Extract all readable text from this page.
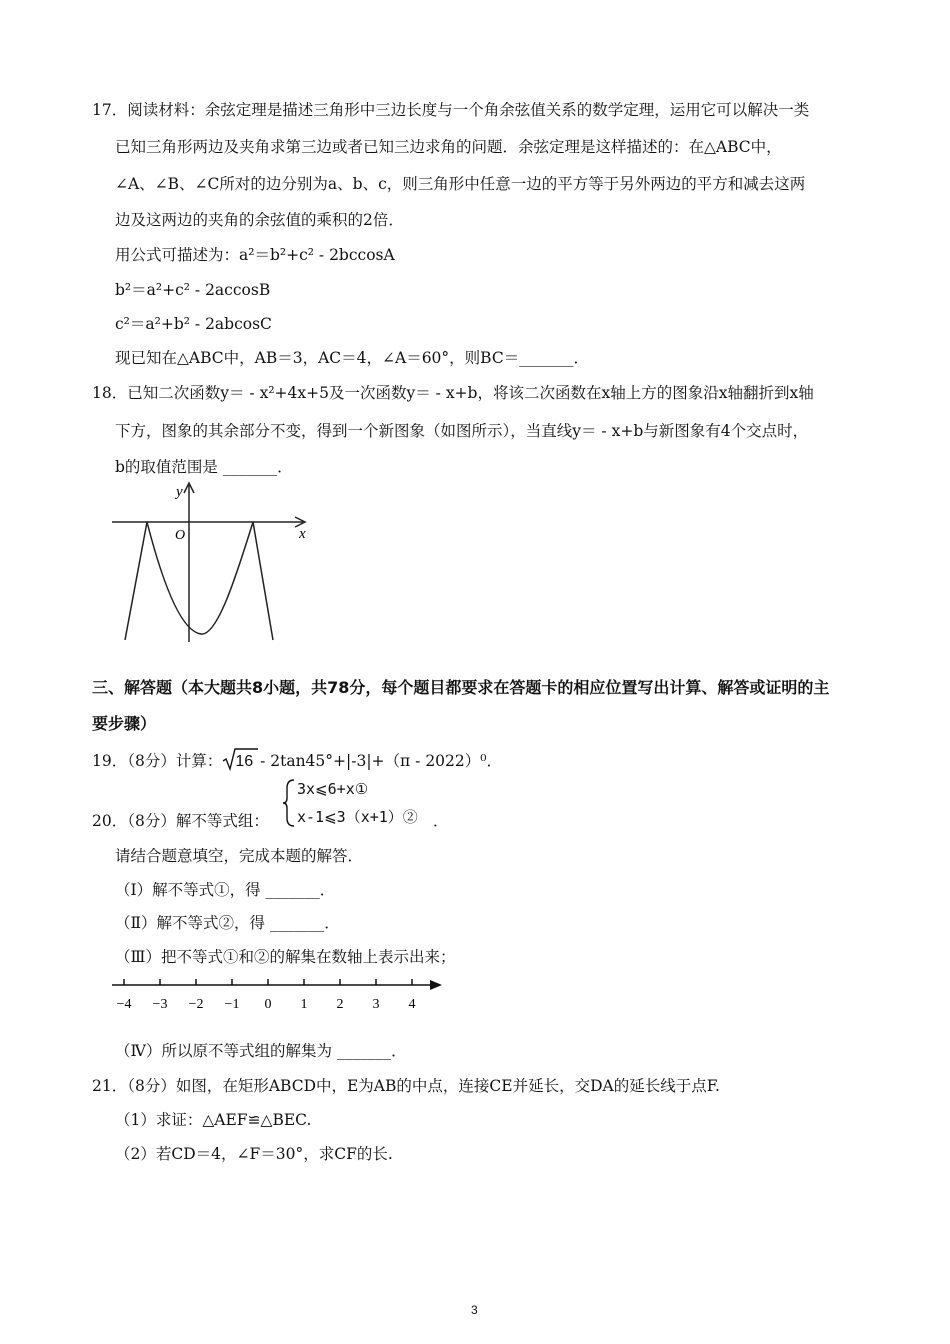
17．阅读材料：余弦定理是描述三角形中三边长度与一个角余弦值关系的数学定理，运用它可以解决一类
已知三角形两边及夹角求第三边或者已知三边求角的问题．余弦定理是这样描述的：在△ABC中，
∠A、∠B、∠C所对的边分别为a、b、c，则三角形中任意一边的平方等于另外两边的平方和减去这两
边及这两边的夹角的余弦值的乘积的2倍．
用公式可描述为：a²＝b²+c² - 2bccosA
b²＝a²+c² - 2accosB
c²＝a²+b² - 2abcosC
现已知在△ABC中，AB＝3，AC＝4，∠A＝60°，则BC＝_______．
18．已知二次函数y＝ - x²+4x+5及一次函数y＝ - x+b，将该二次函数在x轴上方的图象沿x轴翻折到x轴
下方，图象的其余部分不变，得到一个新图象（如图所示），当直线y＝ - x+b与新图象有4个交点时，
b的取值范围是 _______．
y
x
O
三、解答题（本大题共8小题，共78分，每个题目都要求在答题卡的相应位置写出计算、解答或证明的主
要步骤）
19．（8分）计算： 16 - 2tan45°+|-3|+（π - 2022）⁰．
20．（8分）解不等式组：
3x⩽6+x①
x-1⩽3（x+1）② ．
请结合题意填空，完成本题的解答．
（Ⅰ）解不等式①，得 _______．
（Ⅱ）解不等式②，得 _______．
（Ⅲ）把不等式①和②的解集在数轴上表示出来；
−4 −3 −2 −1 0 1 2 3 4
（Ⅳ）所以原不等式组的解集为 _______．
21．（8分）如图，在矩形ABCD中，E为AB的中点，连接CE并延长，交DA的延长线于点F.
（1）求证：△AEF≌△BEC.
（2）若CD＝4，∠F＝30°，求CF的长.
3
